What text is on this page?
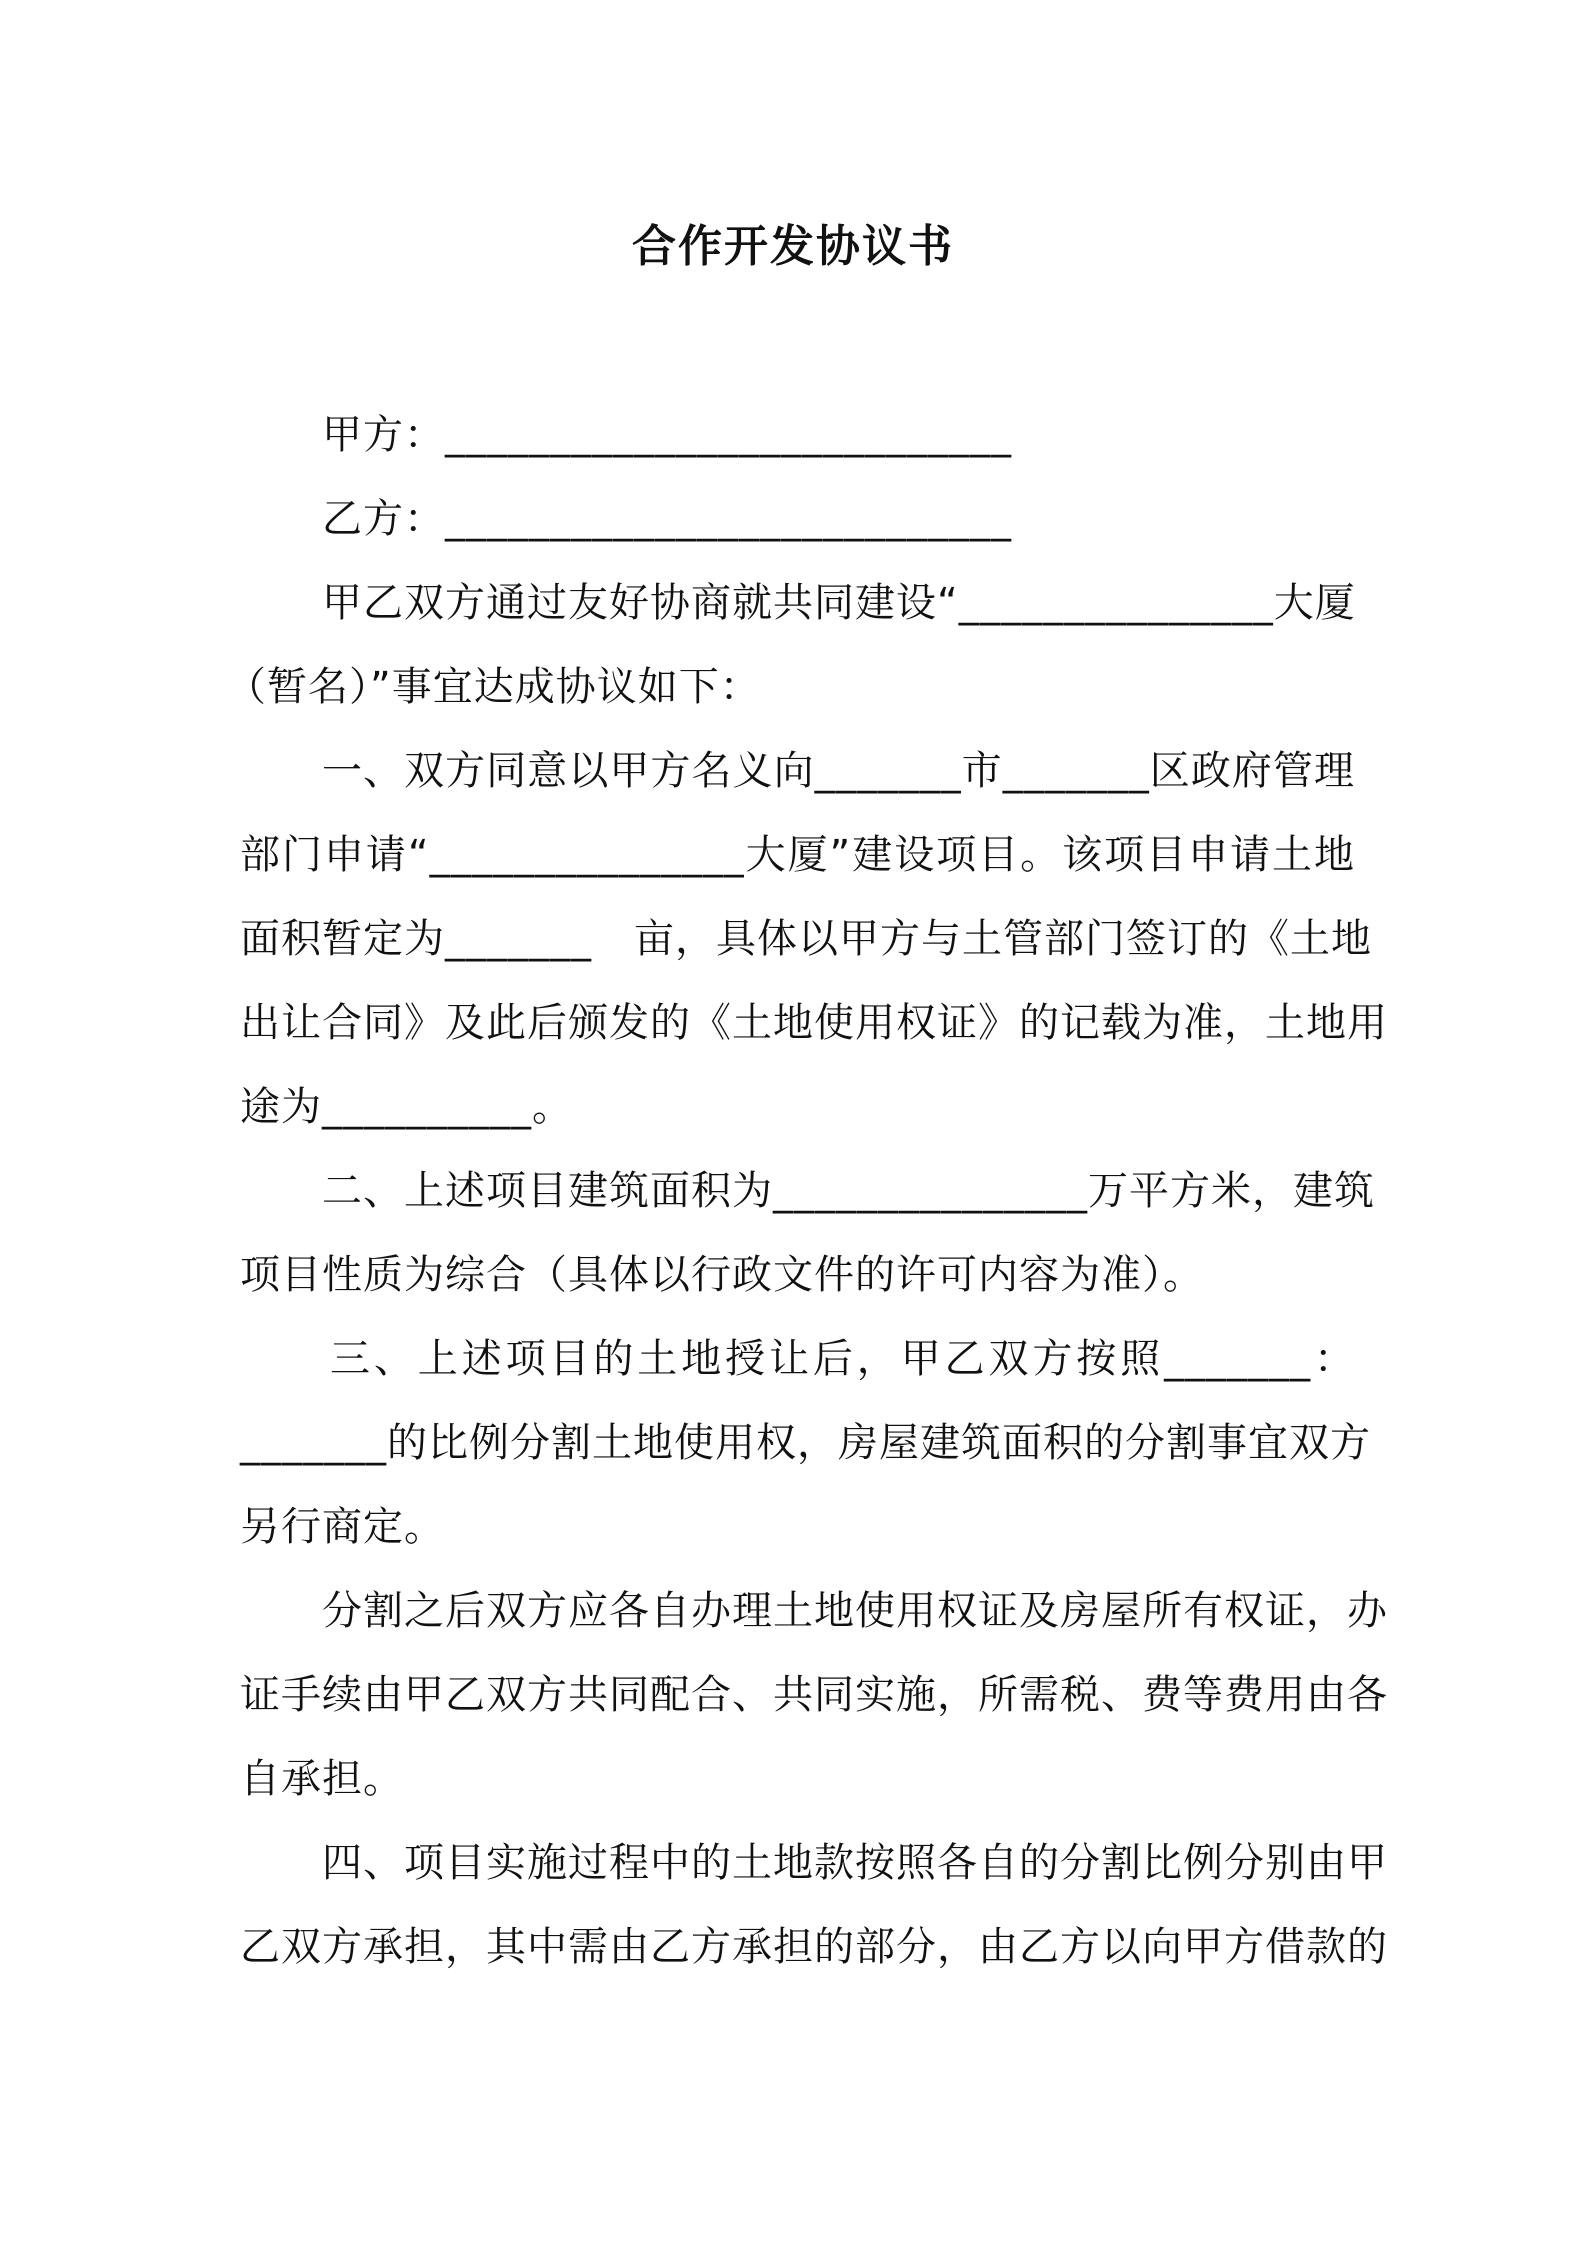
合作开发协议书
甲方：___________________________
乙方：___________________________
甲乙双方通过友好协商就共同建设“_______________大厦
（暂名）”事宜达成协议如下：
一、双方同意以甲方名义向_______市_______区政府管理
部门申请“_______________大厦”建设项目。该项目申请土地
面积暂定为_______ 亩，具体以甲方与土管部门签订的《土地
出让合同》及此后颁发的《土地使用权证》的记载为准，土地用
途为__________。
二、上述项目建筑面积为_______________万平方米，建筑
项目性质为综合（具体以行政文件的许可内容为准）。
三、上述项目的土地授让后，甲乙双方按照_______：
_______的比例分割土地使用权，房屋建筑面积的分割事宜双方
另行商定。
分割之后双方应各自办理土地使用权证及房屋所有权证，办
证手续由甲乙双方共同配合、共同实施，所需税、费等费用由各
自承担。
四、项目实施过程中的土地款按照各自的分割比例分别由甲
乙双方承担，其中需由乙方承担的部分，由乙方以向甲方借款的
